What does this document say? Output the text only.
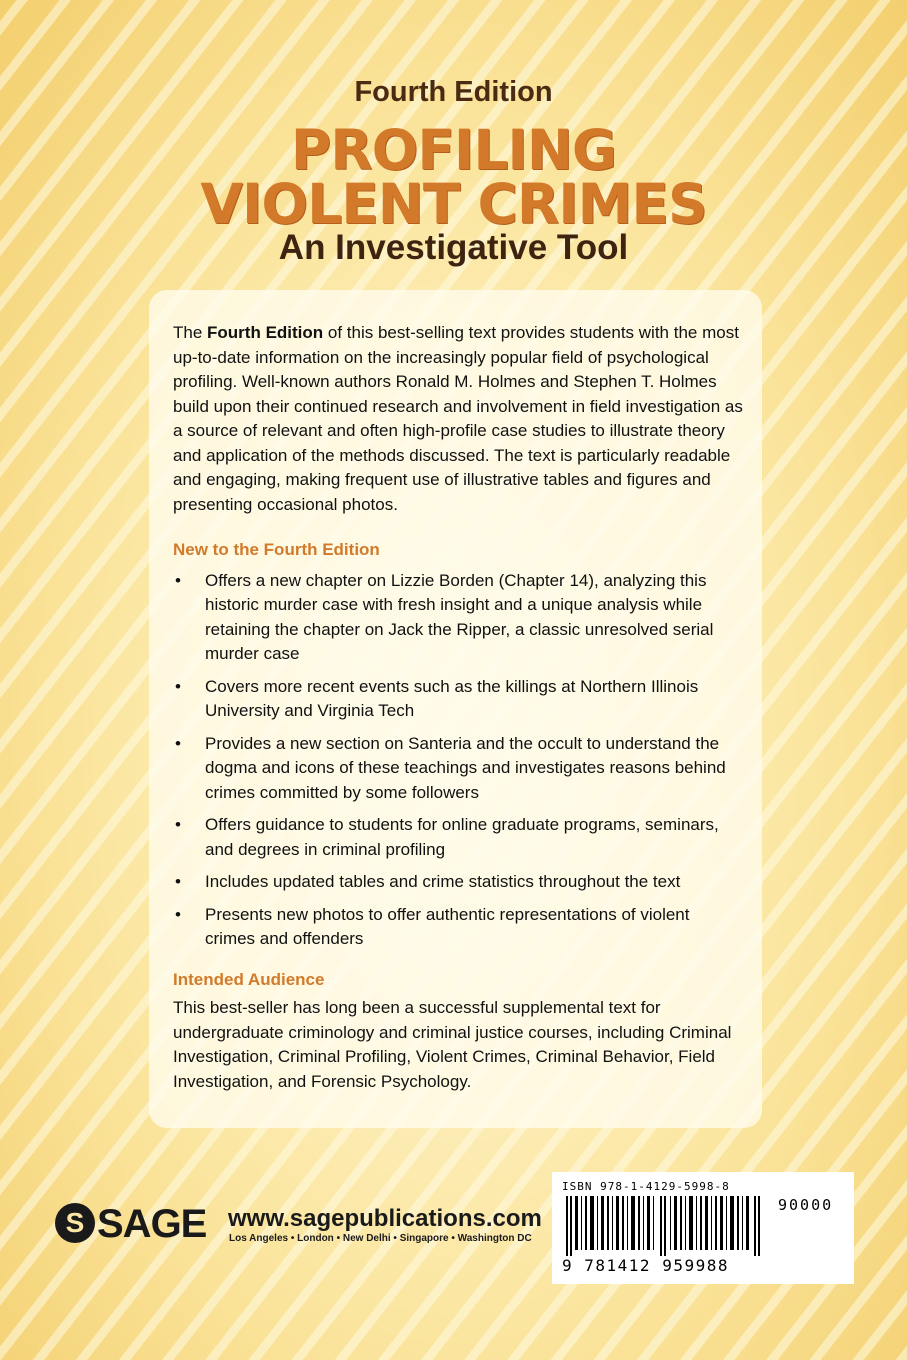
Fourth Edition
PROFILING
VIOLENT CRIMES
An Investigative Tool

The Fourth Edition of this best-selling text provides students with the most up-to-date information on the increasingly popular field of psychological profiling. Well-known authors Ronald M. Holmes and Stephen T. Holmes build upon their continued research and involvement in field investigation as a source of relevant and often high-profile case studies to illustrate theory and application of the methods discussed. The text is particularly readable and engaging, making frequent use of illustrative tables and figures and presenting occasional photos.

New to the Fourth Edition
• Offers a new chapter on Lizzie Borden (Chapter 14), analyzing this historic murder case with fresh insight and a unique analysis while retaining the chapter on Jack the Ripper, a classic unresolved serial murder case
• Covers more recent events such as the killings at Northern Illinois University and Virginia Tech
• Provides a new section on Santeria and the occult to understand the dogma and icons of these teachings and investigates reasons behind crimes committed by some followers
• Offers guidance to students for online graduate programs, seminars, and degrees in criminal profiling
• Includes updated tables and crime statistics throughout the text
• Presents new photos to offer authentic representations of violent crimes and offenders
Intended Audience

This best-seller has long been a successful supplemental text for undergraduate criminology and criminal justice courses, including Criminal Investigation, Criminal Profiling, Violent Crimes, Criminal Behavior, Field Investigation, and Forensic Psychology.

S SAGE www.sagepublications.com
Los Angeles • London • New Delhi • Singapore • Washington DC
ISBN 978-1-4129-5998-8
90000
9 781412 959988
